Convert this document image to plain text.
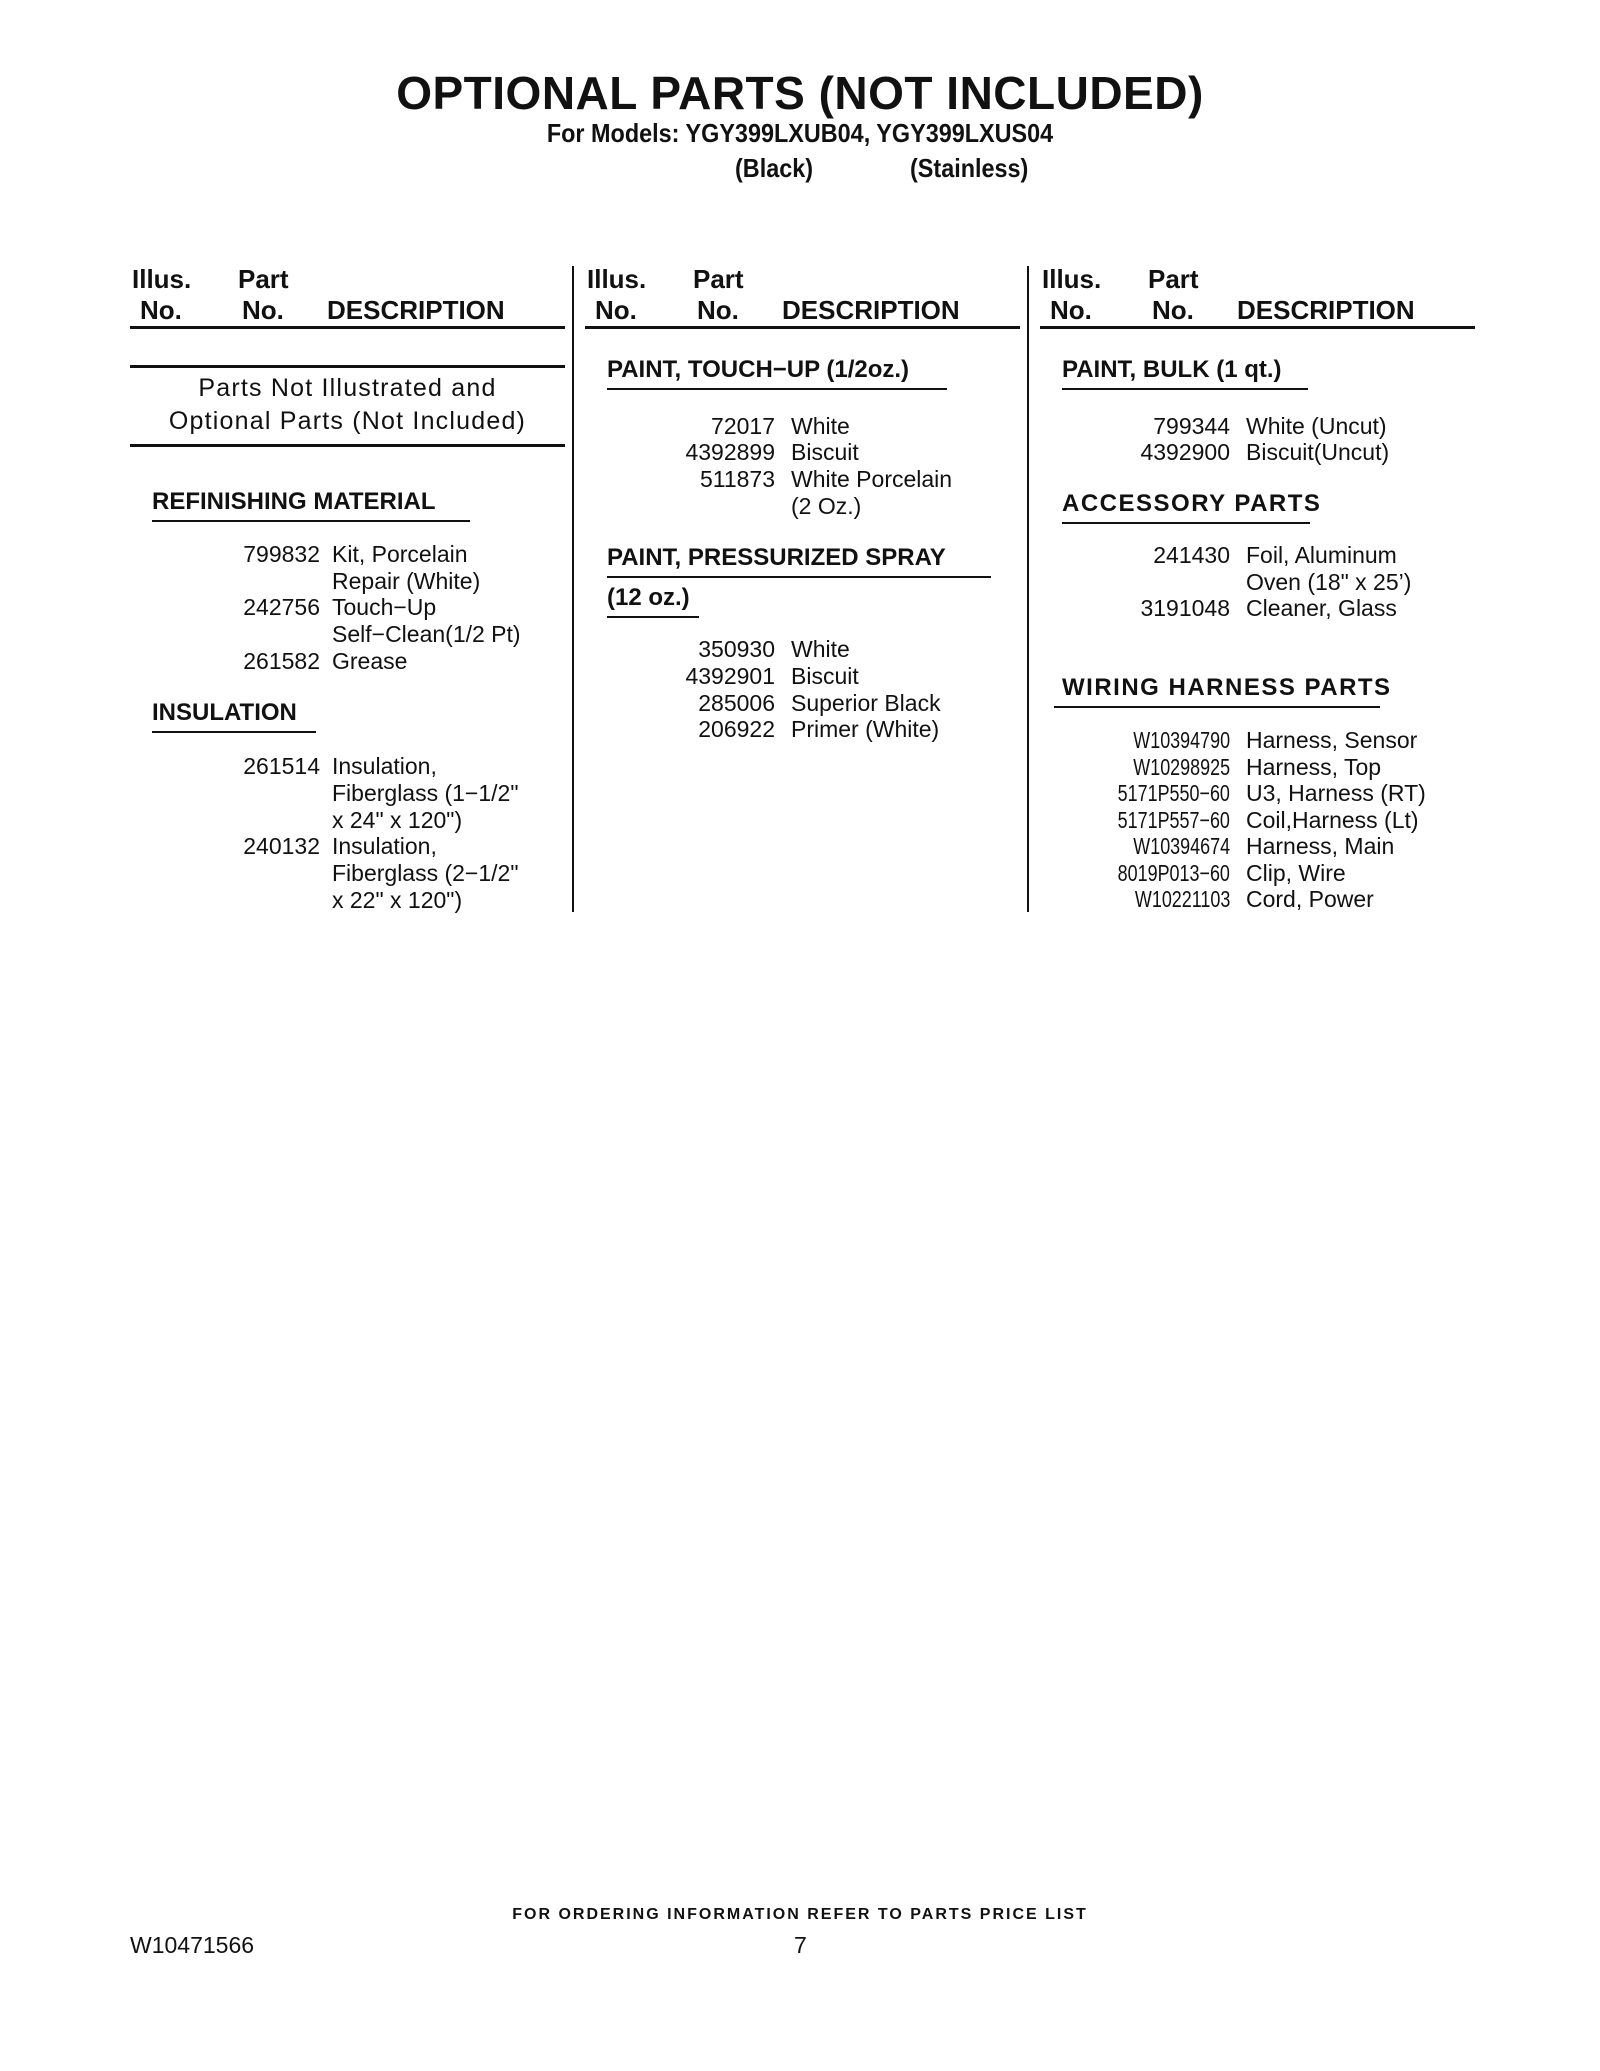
OPTIONAL PARTS (NOT INCLUDED)
For Models: YGY399LXUB04, YGY399LXUS04
(Black)	(Stainless)
Illus.
No.
Part
No. DESCRIPTION
Illus.
No.
Part
No. DESCRIPTION
Illus.
No.
Part
No. DESCRIPTION
Parts Not Illustrated and
Optional Parts (Not Included)
REFINISHING MATERIAL
799832 Kit, Porcelain
Repair (White)
242756 Touch−Up
Self−Clean(1/2 Pt)
261582 Grease
INSULATION
261514 Insulation,
Fiberglass (1−1/2"
x 24" x 120")
240132 Insulation,
Fiberglass (2−1/2"
x 22" x 120")
PAINT, TOUCH−UP (1/2oz.)
72017 White
4392899 Biscuit
511873 White Porcelain
(2 Oz.)
PAINT, PRESSURIZED SPRAY
(12 oz.)
350930 White
4392901 Biscuit
285006 Superior Black
206922 Primer (White)
PAINT, BULK (1 qt.)
799344 White (Uncut)
4392900 Biscuit(Uncut)
ACCESSORY PARTS
241430 Foil, Aluminum
Oven (18" x 25’)
3191048 Cleaner, Glass
WIRING HARNESS PARTS
W10394790 Harness, Sensor
W10298925 Harness, Top
5171P550−60 U3, Harness (RT)
5171P557−60 Coil,Harness (Lt)
W10394674 Harness, Main
8019P013−60 Clip, Wire
W10221103 Cord, Power
FOR ORDERING INFORMATION REFER TO PARTS PRICE LIST
W10471566	7
